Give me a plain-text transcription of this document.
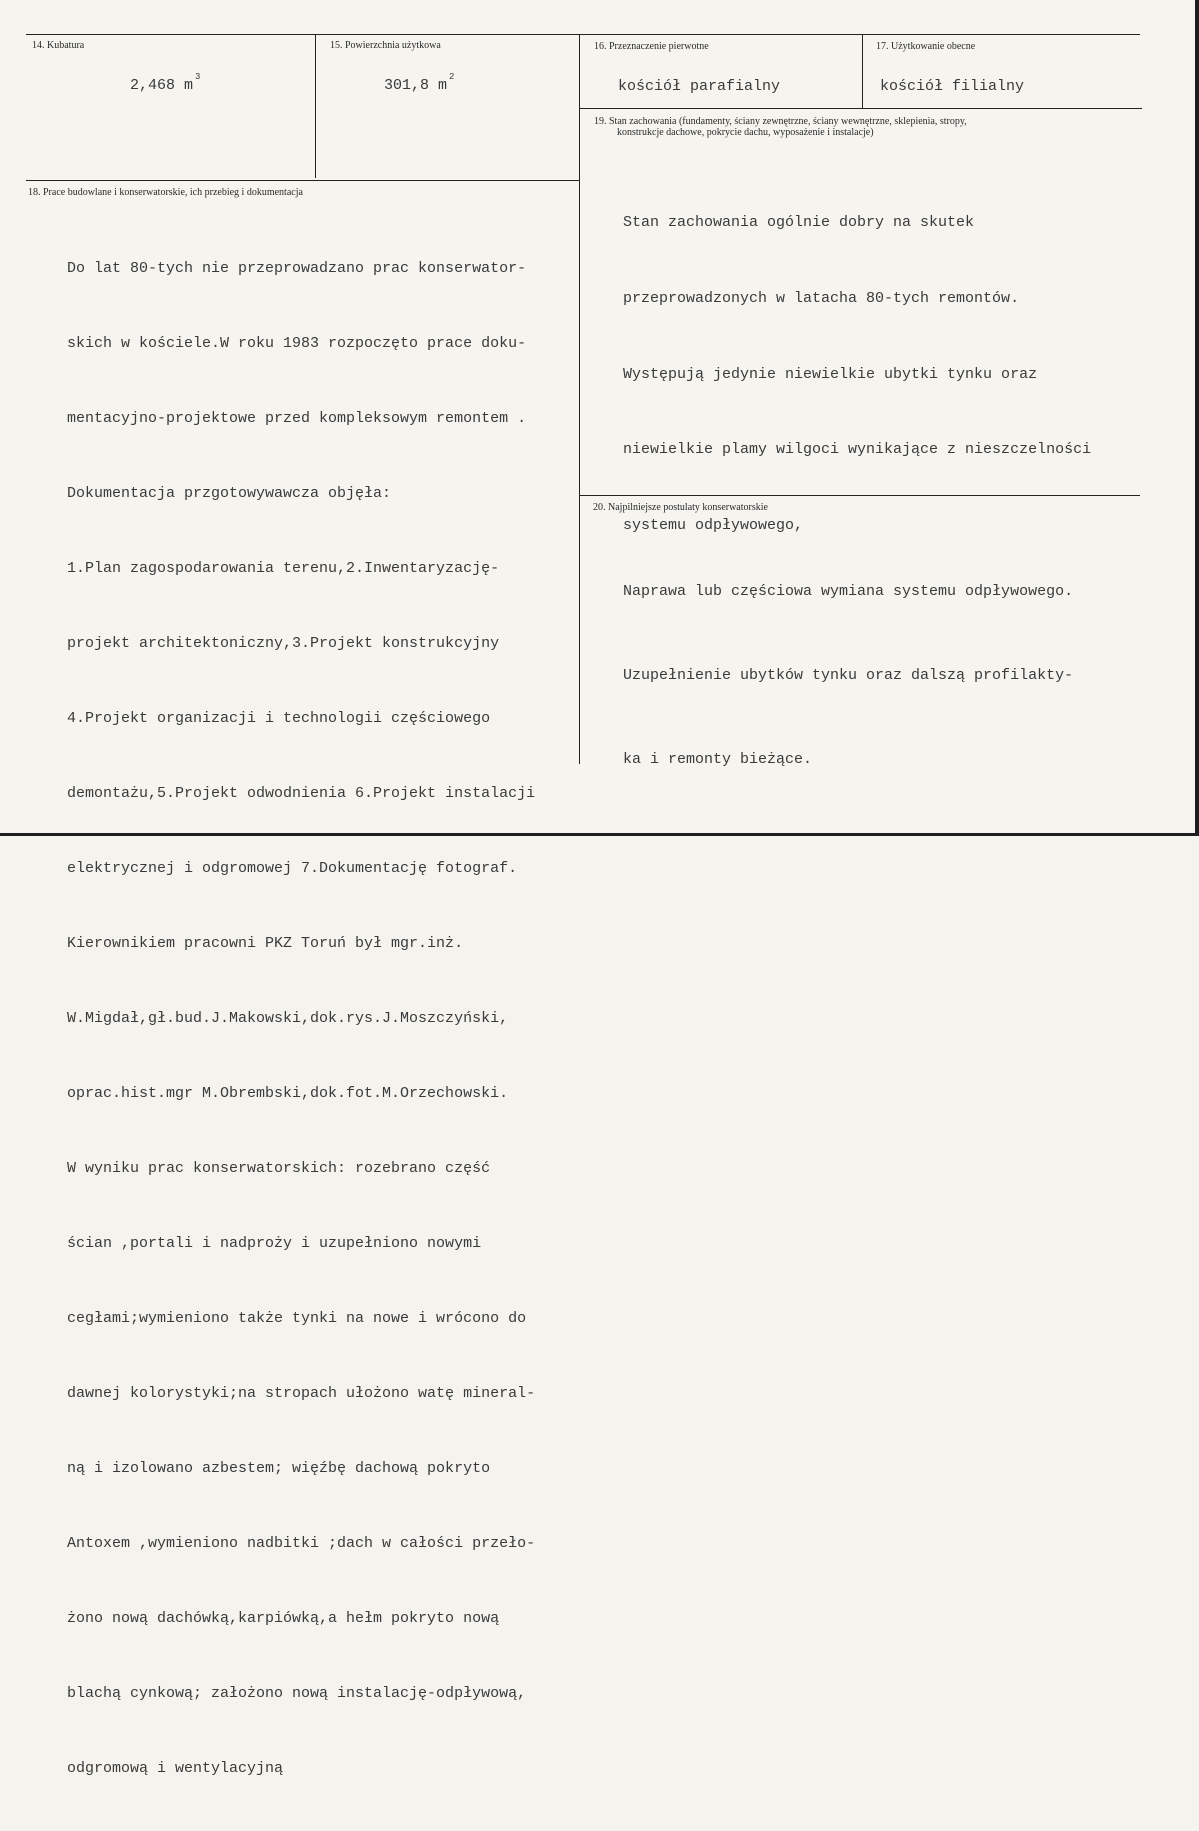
14. Kubatura
2,468 m $^3$
15. Powierzchnia użytkowa
301,8 m $^2$
16. Przeznaczenie pierwotne
kościół parafialny
17. Użytkowanie obecne
kościół filialny
19. Stan zachowania (fundamenty, ściany zewnętrzne, ściany wewnętrzne, sklepienia, stropy,
konstrukcje dachowe, pokrycie dachu, wyposażenie i instalacje)

Stan zachowania ogólnie dobry na skutek

przeprowadzonych w latacha 80-tych remontów.

Występują jedynie niewielkie ubytki tynku oraz

niewielkie plamy wilgoci wynikające z nieszczelności

systemu odpływowego,

18. Prace budowlane i konserwatorskie, ich przebieg i dokumentacja

Do lat 80-tych nie przeprowadzano prac konserwator-

skich w kościele.W roku 1983 rozpoczęto prace doku-

mentacyjno-projektowe przed kompleksowym remontem .

Dokumentacja przgotowywawcza objęła:

1.Plan zagospodarowania terenu,2.Inwentaryzację-

projekt architektoniczny,3.Projekt konstrukcyjny

4.Projekt organizacji i technologii częściowego

demontażu,5.Projekt odwodnienia 6.Projekt instalacji

elektrycznej i odgromowej 7.Dokumentację fotograf.

Kierownikiem pracowni PKZ Toruń był mgr.inż.

W.Migdał,gł.bud.J.Makowski,dok.rys.J.Moszczyński,

oprac.hist.mgr M.Obrembski,dok.fot.M.Orzechowski.

W wyniku prac konserwatorskich: rozebrano część

ścian ,portali i nadproży i uzupełniono nowymi

cegłami;wymieniono także tynki na nowe i wrócono do

dawnej kolorystyki;na stropach ułożono watę mineral-

ną i izolowano azbestem; więźbę dachową pokryto

Antoxem ,wymieniono nadbitki ;dach w całości przeło-

żono nową dachówką,karpiówką,a hełm pokryto nową

blachą cynkową; założono nową instalację-odpływową,

odgromową i wentylacyjną

20. Najpilniejsze postulaty konserwatorskie

Naprawa lub częściowa wymiana systemu odpływowego.

Uzupełnienie ubytków tynku oraz dalszą profilakty-

ka i remonty bieżące.
